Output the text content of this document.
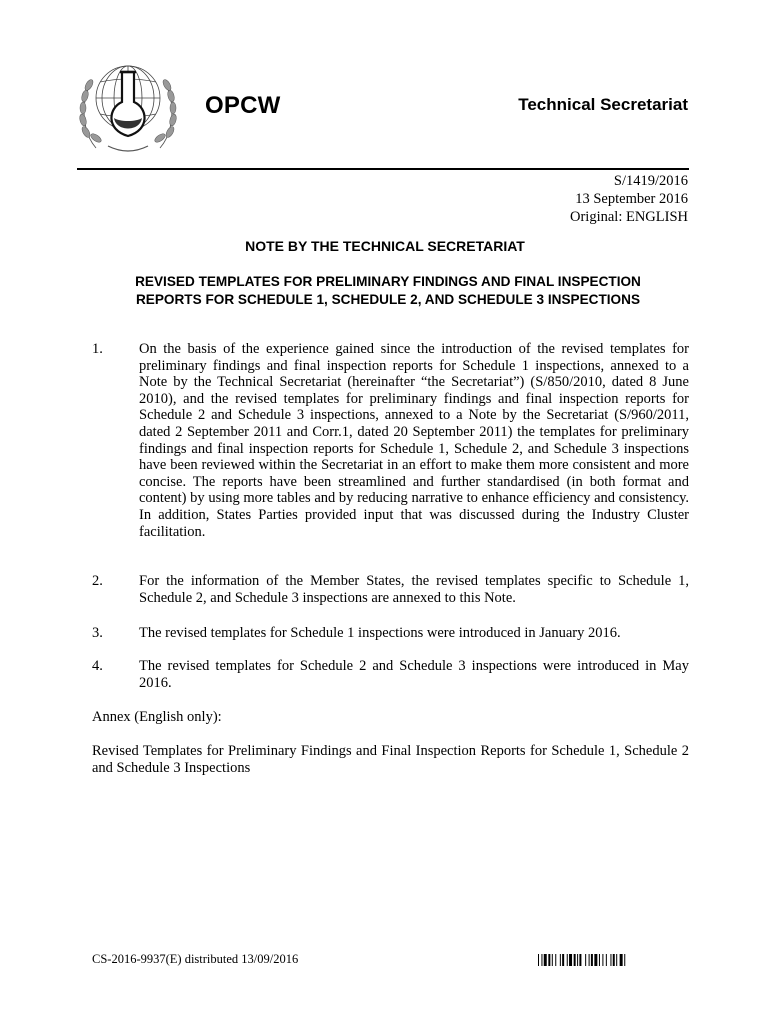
OPCW	Technical Secretariat
S/1419/2016
13 September 2016
Original: ENGLISH
NOTE BY THE TECHNICAL SECRETARIAT
REVISED TEMPLATES FOR PRELIMINARY FINDINGS AND FINAL INSPECTION
REPORTS FOR SCHEDULE 1, SCHEDULE 2, AND SCHEDULE 3 INSPECTIONS
1.	On the basis of the experience gained since the introduction of the revised templates for preliminary findings and final inspection reports for Schedule 1 inspections, annexed to a Note by the Technical Secretariat (hereinafter “the Secretariat”) (S/850/2010, dated 8 June 2010), and the revised templates for preliminary findings and final inspection reports for Schedule 2 and Schedule 3 inspections, annexed to a Note by the Secretariat (S/960/2011, dated 2 September 2011 and Corr.1, dated 20 September 2011) the templates for preliminary findings and final inspection reports for Schedule 1, Schedule 2, and Schedule 3 inspections have been reviewed within the Secretariat in an effort to make them more consistent and more concise. The reports have been streamlined and further standardised (in both format and content) by using more tables and by reducing narrative to enhance efficiency and consistency. In addition, States Parties provided input that was discussed during the Industry Cluster facilitation.
2.	For the information of the Member States, the revised templates specific to Schedule 1, Schedule 2, and Schedule 3 inspections are annexed to this Note.
3.	The revised templates for Schedule 1 inspections were introduced in January 2016.
4.	The revised templates for Schedule 2 and Schedule 3 inspections were introduced in May 2016.
Annex (English only):
Revised Templates for Preliminary Findings and Final Inspection Reports for Schedule 1, Schedule 2 and Schedule 3 Inspections
CS-2016-9937(E) distributed 13/09/2016
